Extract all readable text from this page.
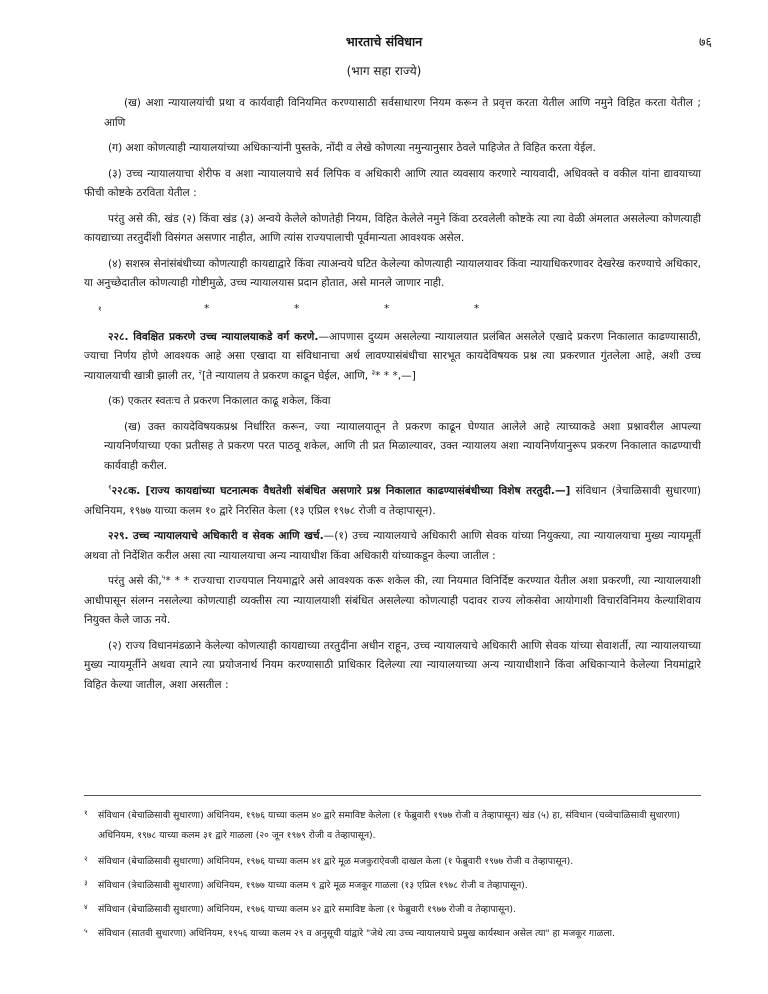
भारताचे संविधान	७६
(भाग सहा राज्ये)

(ख) अशा न्यायालयांची प्रथा व कार्यवाही विनियमित करण्यासाठी सर्वसाधारण नियम करून ते प्रवृत्त करता येतील आणि नमुने विहित करता येतील ; आणि

(ग) अशा कोणत्याही न्यायालयांच्या अधिकाऱ्यांनी पुस्तके, नोंदी व लेखे कोणत्या नमुन्यानुसार ठेवले पाहिजेत ते विहित करता येईल.

(३) उच्च न्यायालयाचा शेरीफ व अशा न्यायालयाचे सर्व लिपिक व अधिकारी आणि त्यात व्यवसाय करणारे न्यायवादी, अधिवक्ते व वकील यांना द्यावयाच्या फीची कोष्टके ठरविता येतील :

परंतु असे की, खंड (२) किंवा खंड (३) अन्वये केलेले कोणतेही नियम, विहित केलेले नमुने किंवा ठरवलेली कोष्टके त्या त्या वेळी अंमलात असलेल्या कोणत्याही कायद्याच्या तरतुदींशी विसंगत असणार नाहीत, आणि त्यांस राज्यपालाची पूर्वमान्यता आवश्यक असेल.

(४) सशस्त्र सेनांसंबंधीच्या कोणत्याही कायद्याद्वारे किंवा त्याअन्वये घटित केलेल्या कोणत्याही न्यायालयावर किंवा न्यायाधिकरणावर देखरेख करण्याचे अधिकार, या अनुच्छेदातील कोणत्याही गोष्टीमुळे, उच्च न्यायालयास प्रदान होतात, असे मानले जाणार नाही.

१	*	*	*	*

२२८. विवक्षित प्रकरणे उच्च न्यायालयाकडे वर्ग करणे.—आपणास दुय्यम असलेल्या न्यायालयात प्रलंबित असलेले एखादे प्रकरण निकालात काढण्यासाठी, ज्याचा निर्णय होणे आवश्यक आहे असा एखादा या संविधानाचा अर्थ लावण्यासंबंधीचा सारभूत कायदेविषयक प्रश्न त्या प्रकरणात गुंतलेला आहे, अशी उच्च न्यायालयाची खात्री झाली तर, $^२$[ते न्यायालय ते प्रकरण काढून घेईल, आणि, $^३$* * *,—]

(क) एकतर स्वतःच ते प्रकरण निकालात काढू शकेल, किंवा

(ख) उक्त कायदेविषयकप्रश्न निर्धारित करून, ज्या न्यायालयातून ते प्रकरण काढून घेण्यात आलेले आहे त्याच्याकडे अशा प्रश्नावरील आपल्या न्यायनिर्णयाच्या एका प्रतीसह ते प्रकरण परत पाठवू शकेल, आणि ती प्रत मिळाल्यावर, उक्त न्यायालय अशा न्यायनिर्णयानुरूप प्रकरण निकालात काढण्याची कार्यवाही करील.

$^१$२२८क. [राज्य कायद्यांच्या घटनात्मक वैधतेशी संबंधित असणारे प्रश्न निकालात काढण्यासंबंधीच्या विशेष तरतुदी.—] संविधान (त्रेचाळिसावी सुधारणा) अधिनियम, १९७७ याच्या कलम १० द्वारे निरसित केला (१३ एप्रिल १९७८ रोजी व तेव्हापासून).

२२९. उच्च न्यायालयाचे अधिकारी व सेवक आणि खर्च.—(१) उच्च न्यायालयाचे अधिकारी आणि सेवक यांच्या नियुक्त्या, त्या न्यायालयाचा मुख्य न्यायमूर्ती अथवा तो निर्देशित करील असा त्या न्यायालयाचा अन्य न्यायाधीश किंवा अधिकारी यांच्याकडून केल्या जातील :

परंतु असे की,$^५$* * * राज्याचा राज्यपाल नियमाद्वारे असे आवश्यक करू शकेल की, त्या नियमात विनिर्दिष्ट करण्यात येतील अशा प्रकरणी, त्या न्यायालयाशी आधीपासून संलग्न नसलेल्या कोणत्याही व्यक्तीस त्या न्यायालयाशी संबंधित असलेल्या कोणत्याही पदावर राज्य लोकसेवा आयोगाशी विचारविनिमय केल्याशिवाय नियुक्त केले जाऊ नये.

(२) राज्य विधानमंडळाने केलेल्या कोणत्याही कायद्याच्या तरतुदींना अधीन राहून, उच्च न्यायालयाचे अधिकारी आणि सेवक यांच्या सेवाशर्ती, त्या न्यायालयाच्या मुख्य न्यायमूर्तीने अथवा त्याने त्या प्रयोजनार्थ नियम करण्यासाठी प्राधिकार दिलेल्या त्या न्यायालयाच्या अन्य न्यायाधीशाने किंवा अधिकाऱ्याने केलेल्या नियमांद्वारे विहित केल्या जातील, अशा असतील :

१	संविधान (बेचाळिसावी सुधारणा) अधिनियम, १९७६ याच्या कलम ४० द्वारे समाविष्ट केलेला (१ फेब्रुवारी १९७७ रोजी व तेव्हापासून) खंड (५) हा, संविधान (चव्वेचाळिसावी सुधारणा) अधिनियम, १९७८ याच्या कलम ३१ द्वारे गाळला (२० जून १९७९ रोजी व तेव्हापासून).
२	संविधान (बेचाळिसावी सुधारणा) अधिनियम, १९७६ याच्या कलम ४१ द्वारे मूळ मजकुराऐवजी दाखल केला (१ फेब्रुवारी १९७७ रोजी व तेव्हापासून).
३	संविधान (त्रेचाळिसावी सुधारणा) अधिनियम, १९७७ याच्या कलम ९ द्वारे मूळ मजकूर गाळला (१३ एप्रिल १९७८ रोजी व तेव्हापासून).
४	संविधान (बेचाळिसावी सुधारणा) अधिनियम, १९७६ याच्या कलम ४२ द्वारे समाविष्ट केला (१ फेब्रुवारी १९७७ रोजी व तेव्हापासून).
५	संविधान (सातवी सुधारणा) अधिनियम, १९५६ याच्या कलम २९ व अनुसूची यांद्वारे "जेथे त्या उच्च न्यायालयाचे प्रमुख कार्यस्थान असेल त्या" हा मजकूर गाळला.
